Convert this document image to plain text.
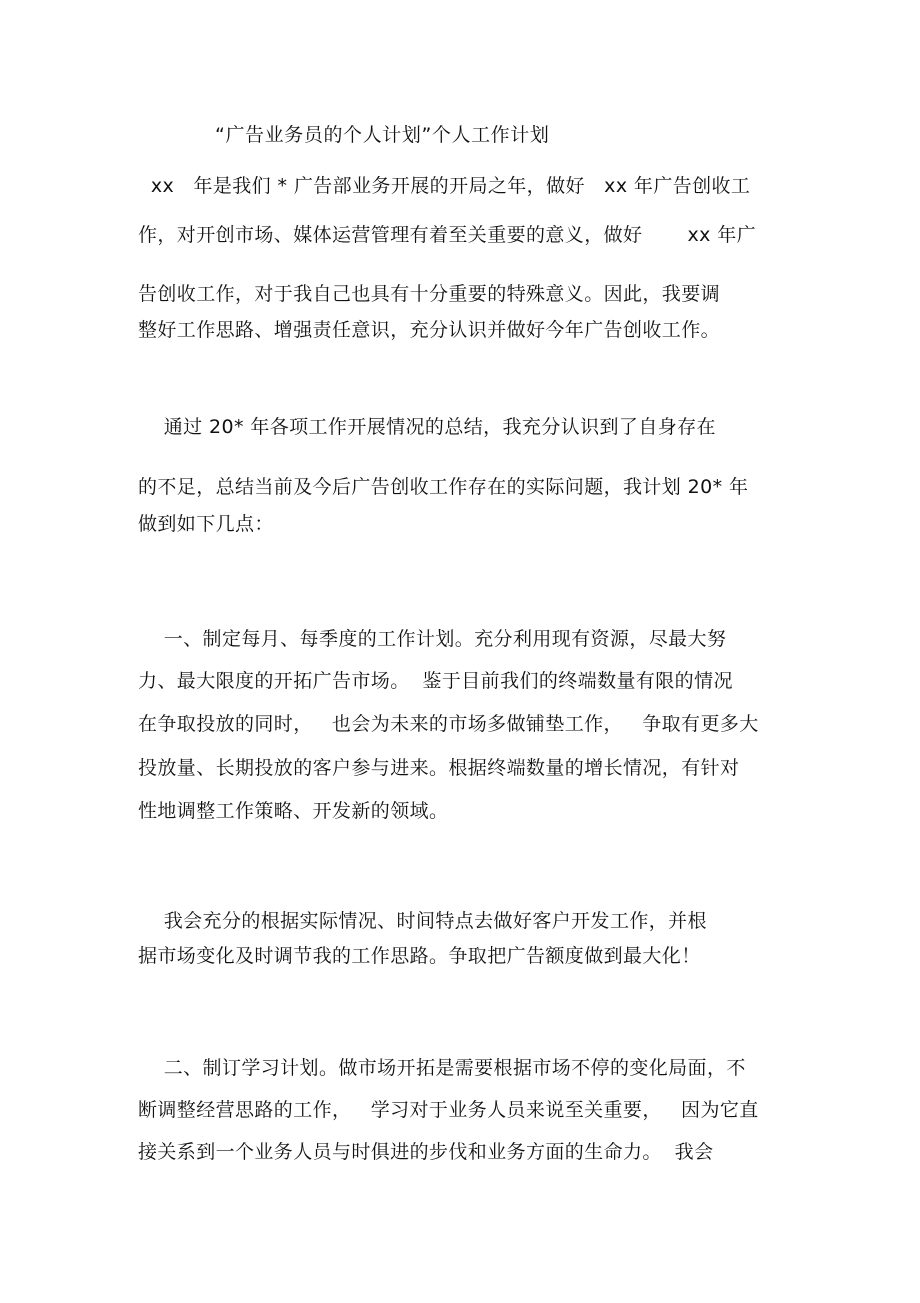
“广告业务员的个人计划”个人工作计划
xx   年是我们 * 广告部业务开展的开局之年，做好   xx 年广告创收工
作，对开创市场、媒体运营管理有着至关重要的意义，做好       xx 年广
告创收工作，对于我自己也具有十分重要的特殊意义。因此，我要调
整好工作思路、增强责任意识，充分认识并做好今年广告创收工作。
通过 20* 年各项工作开展情况的总结，我充分认识到了自身存在
的不足，总结当前及今后广告创收工作存在的实际问题，我计划 20* 年
做到如下几点：
一、制定每月、每季度的工作计划。充分利用现有资源，尽最大努
力、最大限度的开拓广告市场。  鉴于目前我们的终端数量有限的情况
在争取投放的同时，   也会为未来的市场多做铺垫工作，   争取有更多大
投放量、长期投放的客户参与进来。根据终端数量的增长情况，有针对
性地调整工作策略、开发新的领域。
我会充分的根据实际情况、时间特点去做好客户开发工作，并根
据市场变化及时调节我的工作思路。争取把广告额度做到最大化！
二、制订学习计划。做市场开拓是需要根据市场不停的变化局面，不
断调整经营思路的工作，   学习对于业务人员来说至关重要，   因为它直
接关系到一个业务人员与时俱进的步伐和业务方面的生命力。  我会
